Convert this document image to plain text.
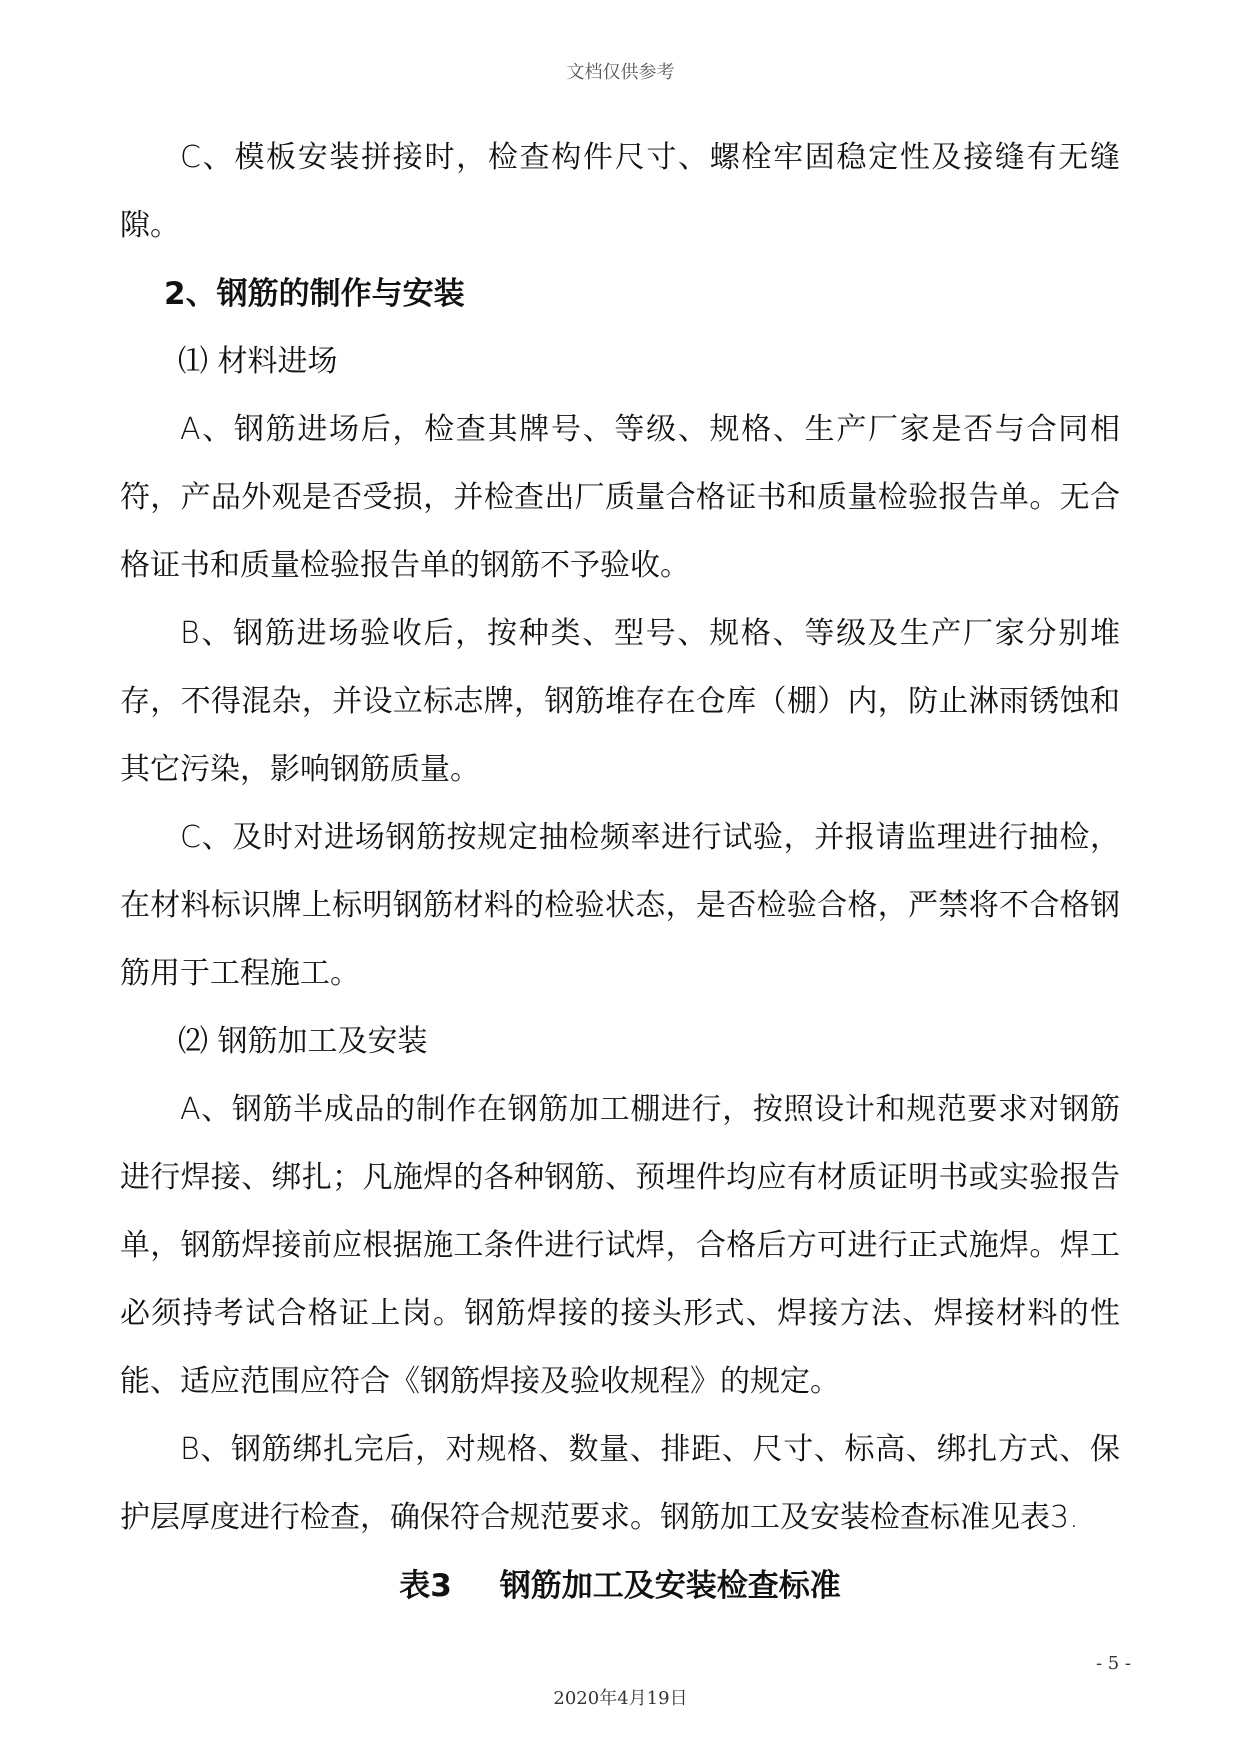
文档仅供参考

C、模板安装拼接时，检查构件尺寸、螺栓牢固稳定性及接缝有无缝隙。

2、钢筋的制作与安装

⑴ 材料进场

A、钢筋进场后，检查其牌号、等级、规格、生产厂家是否与合同相符，产品外观是否受损，并检查出厂质量合格证书和质量检验报告单。无合格证书和质量检验报告单的钢筋不予验收。

B、钢筋进场验收后，按种类、型号、规格、等级及生产厂家分别堆存，不得混杂，并设立标志牌，钢筋堆存在仓库（棚）内，防止淋雨锈蚀和其它污染，影响钢筋质量。

C、及时对进场钢筋按规定抽检频率进行试验，并报请监理进行抽检，在材料标识牌上标明钢筋材料的检验状态，是否检验合格，严禁将不合格钢筋用于工程施工。

⑵ 钢筋加工及安装

A、钢筋半成品的制作在钢筋加工棚进行，按照设计和规范要求对钢筋进行焊接、绑扎；凡施焊的各种钢筋、预埋件均应有材质证明书或实验报告单，钢筋焊接前应根据施工条件进行试焊，合格后方可进行正式施焊。焊工必须持考试合格证上岗。钢筋焊接的接头形式、焊接方法、焊接材料的性能、适应范围应符合《钢筋焊接及验收规程》的规定。

B、钢筋绑扎完后，对规格、数量、排距、尺寸、标高、绑扎方式、保护层厚度进行检查，确保符合规范要求。钢筋加工及安装检查标准见表3.

表3 钢筋加工及安装检查标准

- 5 -
2020年4月19日
